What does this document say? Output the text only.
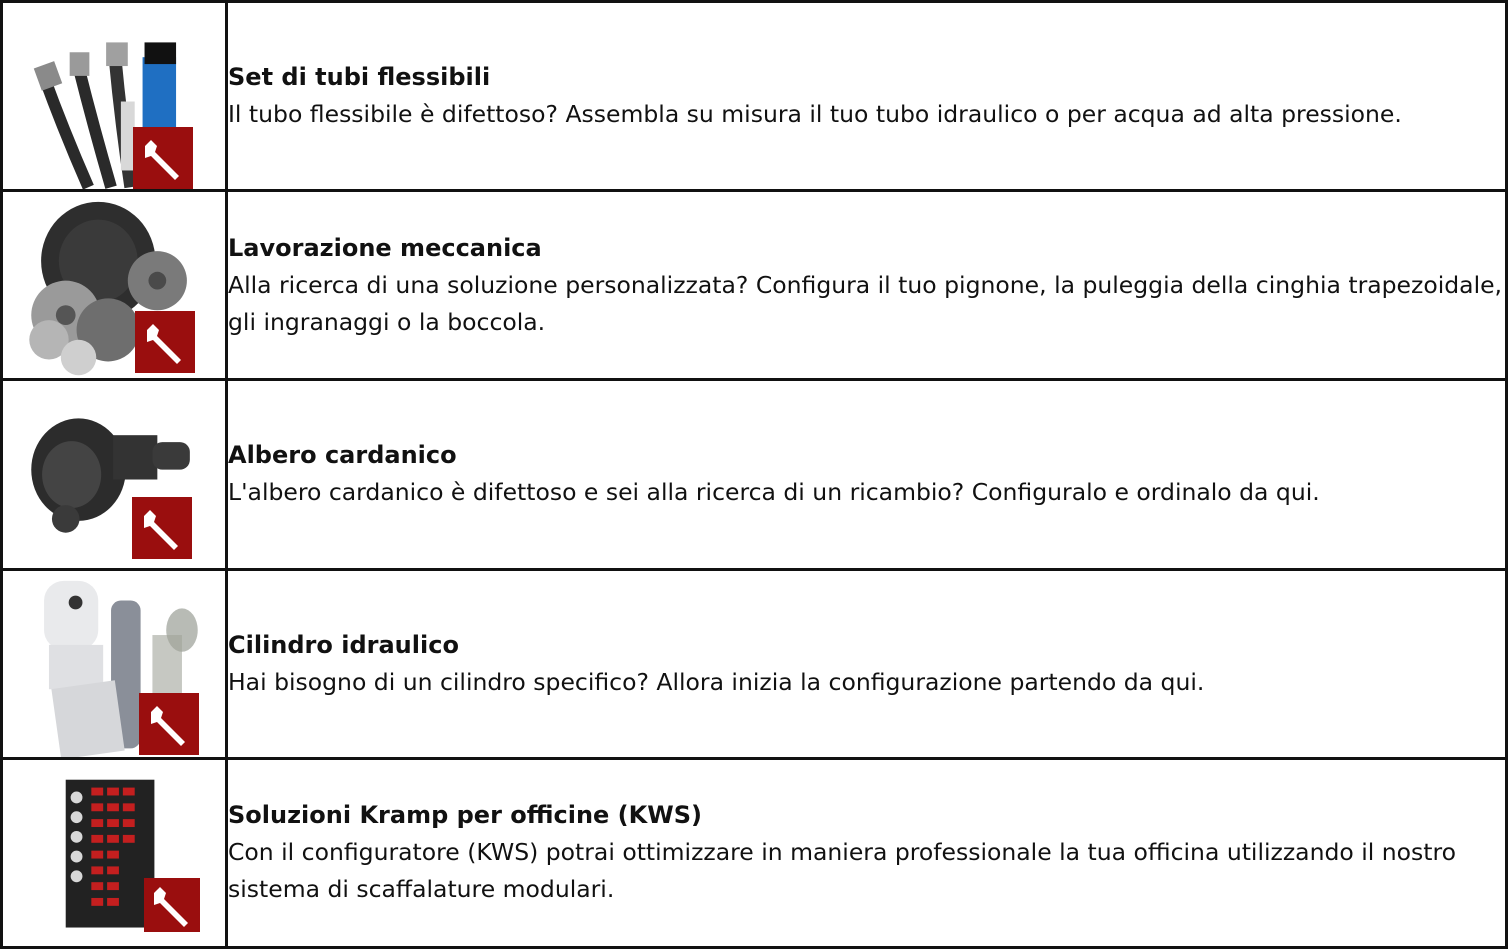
Set di tubi flessibili
Il tubo flessibile è difettoso? Assembla su misura il tuo tubo idraulico o per acqua ad alta pressione.

Lavorazione meccanica
Alla ricerca di una soluzione personalizzata? Configura il tuo pignone, la puleggia della cinghia trapezoidale, gli ingranaggi o la boccola.

Albero cardanico
L'albero cardanico è difettoso e sei alla ricerca di un ricambio? Configuralo e ordinalo da qui.

Cilindro idraulico
Hai bisogno di un cilindro specifico? Allora inizia la configurazione partendo da qui.

Soluzioni Kramp per officine (KWS)
Con il configuratore (KWS) potrai ottimizzare in maniera professionale la tua officina utilizzando il nostro sistema di scaffalature modulari.
